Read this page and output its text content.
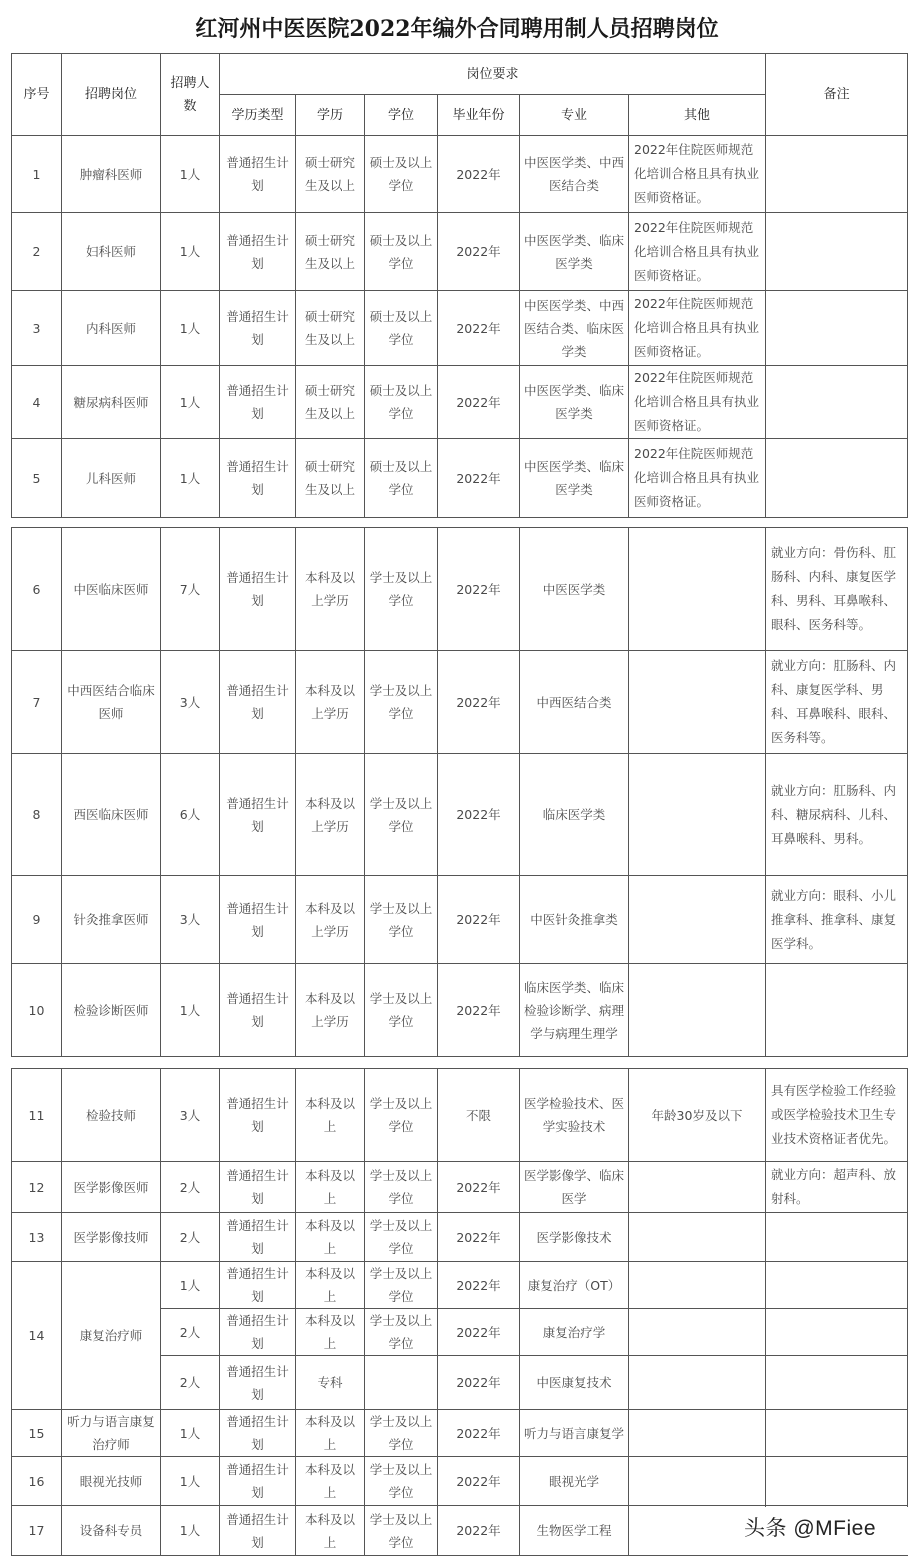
红河州中医医院2022年编外合同聘用制人员招聘岗位
序号	招聘岗位	招聘人数	岗位要求						备注
			学历类型	学历	学位	毕业年份	专业	其他	
1	肿瘤科医师	1人	普通招生计划	硕士研究生及以上	硕士及以上学位	2022年	中医医学类、中西医结合类	2022年住院医师规范化培训合格且具有执业医师资格证。	
2	妇科医师	1人	普通招生计划	硕士研究生及以上	硕士及以上学位	2022年	中医医学类、临床医学类	2022年住院医师规范化培训合格且具有执业医师资格证。	
3	内科医师	1人	普通招生计划	硕士研究生及以上	硕士及以上学位	2022年	中医医学类、中西医结合类、临床医学类	2022年住院医师规范化培训合格且具有执业医师资格证。	
4	糖尿病科医师	1人	普通招生计划	硕士研究生及以上	硕士及以上学位	2022年	中医医学类、临床医学类	2022年住院医师规范化培训合格且具有执业医师资格证。	
5	儿科医师	1人	普通招生计划	硕士研究生及以上	硕士及以上学位	2022年	中医医学类、临床医学类	2022年住院医师规范化培训合格且具有执业医师资格证。	
6	中医临床医师	7人	普通招生计划	本科及以上学历	学士及以上学位	2022年	中医医学类		就业方向：骨伤科、肛肠科、内科、康复医学科、男科、耳鼻喉科、眼科、医务科等。
7	中西医结合临床医师	3人	普通招生计划	本科及以上学历	学士及以上学位	2022年	中西医结合类		就业方向：肛肠科、内科、康复医学科、男科、耳鼻喉科、眼科、医务科等。
8	西医临床医师	6人	普通招生计划	本科及以上学历	学士及以上学位	2022年	临床医学类		就业方向：肛肠科、内科、糖尿病科、儿科、耳鼻喉科、男科。
9	针灸推拿医师	3人	普通招生计划	本科及以上学历	学士及以上学位	2022年	中医针灸推拿类		就业方向：眼科、小儿推拿科、推拿科、康复医学科。
10	检验诊断医师	1人	普通招生计划	本科及以上学历	学士及以上学位	2022年	临床医学类、临床检验诊断学、病理学与病理生理学		
11	检验技师	3人	普通招生计划	本科及以上	学士及以上学位	不限	医学检验技术、医学实验技术	年龄30岁及以下	具有医学检验工作经验或医学检验技术卫生专业技术资格证者优先。
12	医学影像医师	2人	普通招生计划	本科及以上	学士及以上学位	2022年	医学影像学、临床医学		就业方向：超声科、放射科。
13	医学影像技师	2人	普通招生计划	本科及以上	学士及以上学位	2022年	医学影像技术		
14	康复治疗师	1人	普通招生计划	本科及以上	学士及以上学位	2022年	康复治疗（OT）		
		2人	普通招生计划	本科及以上	学士及以上学位	2022年	康复治疗学		
		2人	普通招生计划	专科		2022年	中医康复技术		
15	听力与语言康复治疗师	1人	普通招生计划	本科及以上	学士及以上学位	2022年	听力与语言康复学		
16	眼视光技师	1人	普通招生计划	本科及以上	学士及以上学位	2022年	眼视光学		
17	设备科专员	1人	普通招生计划	本科及以上	学士及以上学位	2022年	生物医学工程			头条 @MFiee
